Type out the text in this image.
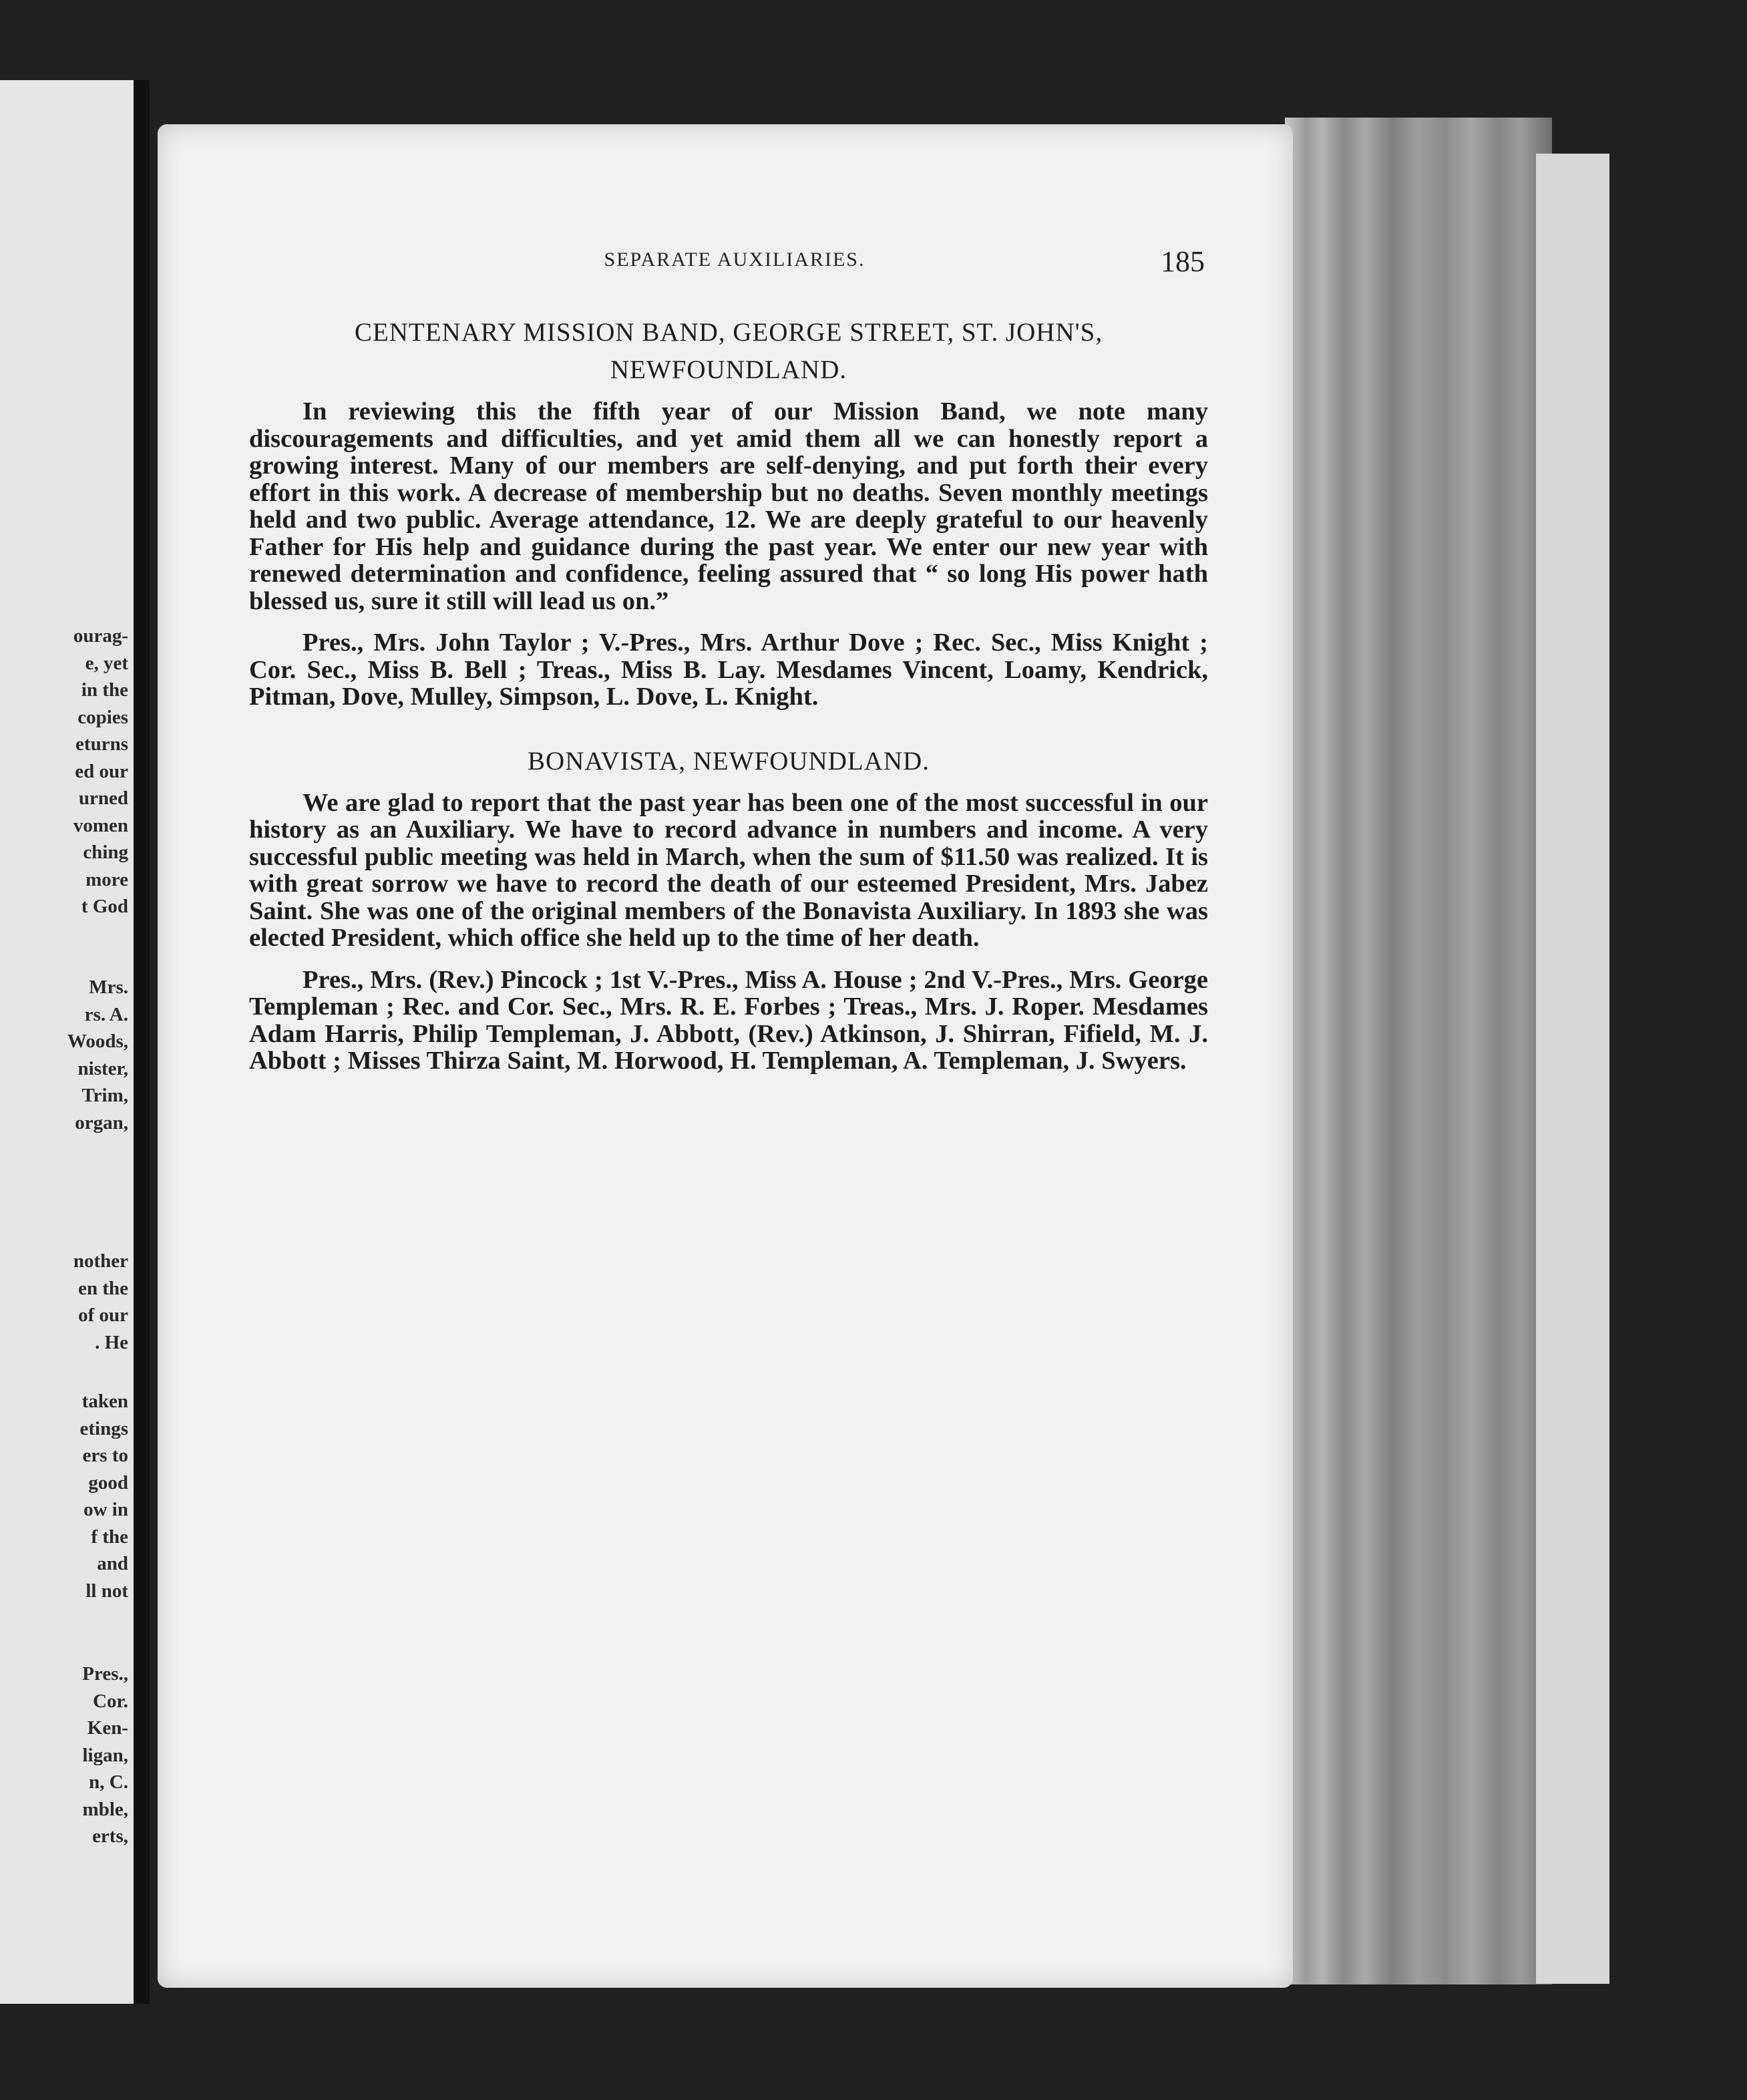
ourag-
e, yet
in the
copies
eturns
ed our
urned
vomen
ching
more
t God
Mrs.
rs. A.
Woods,
nister,
Trim,
organ,
nother
en the
of our
. He
taken
etings
ers to
good
ow in
f the
and
ll not
Pres.,
Cor.
Ken-
ligan,
n, C.
mble,
erts,
SEPARATE AUXILIARIES.	185
CENTENARY MISSION BAND, GEORGE STREET, ST. JOHN'S, NEWFOUNDLAND.

In reviewing this the fifth year of our Mission Band, we note many discouragements and difficulties, and yet amid them all we can honestly report a growing interest. Many of our members are self-denying, and put forth their every effort in this work. A decrease of membership but no deaths. Seven monthly meetings held and two public. Average attendance, 12. We are deeply grateful to our heavenly Father for His help and guidance during the past year. We enter our new year with renewed determination and confidence, feeling assured that “ so long His power hath blessed us, sure it still will lead us on.”

Pres., Mrs. John Taylor ; V.-Pres., Mrs. Arthur Dove ; Rec. Sec., Miss Knight ; Cor. Sec., Miss B. Bell ; Treas., Miss B. Lay. Mesdames Vincent, Loamy, Kendrick, Pitman, Dove, Mulley, Simpson, L. Dove, L. Knight.

BONAVISTA, NEWFOUNDLAND.

We are glad to report that the past year has been one of the most successful in our history as an Auxiliary. We have to record advance in numbers and income. A very successful public meeting was held in March, when the sum of $11.50 was realized. It is with great sorrow we have to record the death of our esteemed President, Mrs. Jabez Saint. She was one of the original members of the Bonavista Auxiliary. In 1893 she was elected President, which office she held up to the time of her death.

Pres., Mrs. (Rev.) Pincock ; 1st V.-Pres., Miss A. House ; 2nd V.-Pres., Mrs. George Templeman ; Rec. and Cor. Sec., Mrs. R. E. Forbes ; Treas., Mrs. J. Roper. Mesdames Adam Harris, Philip Templeman, J. Abbott, (Rev.) Atkinson, J. Shirran, Fifield, M. J. Abbott ; Misses Thirza Saint, M. Horwood, H. Templeman, A. Templeman, J. Swyers.
